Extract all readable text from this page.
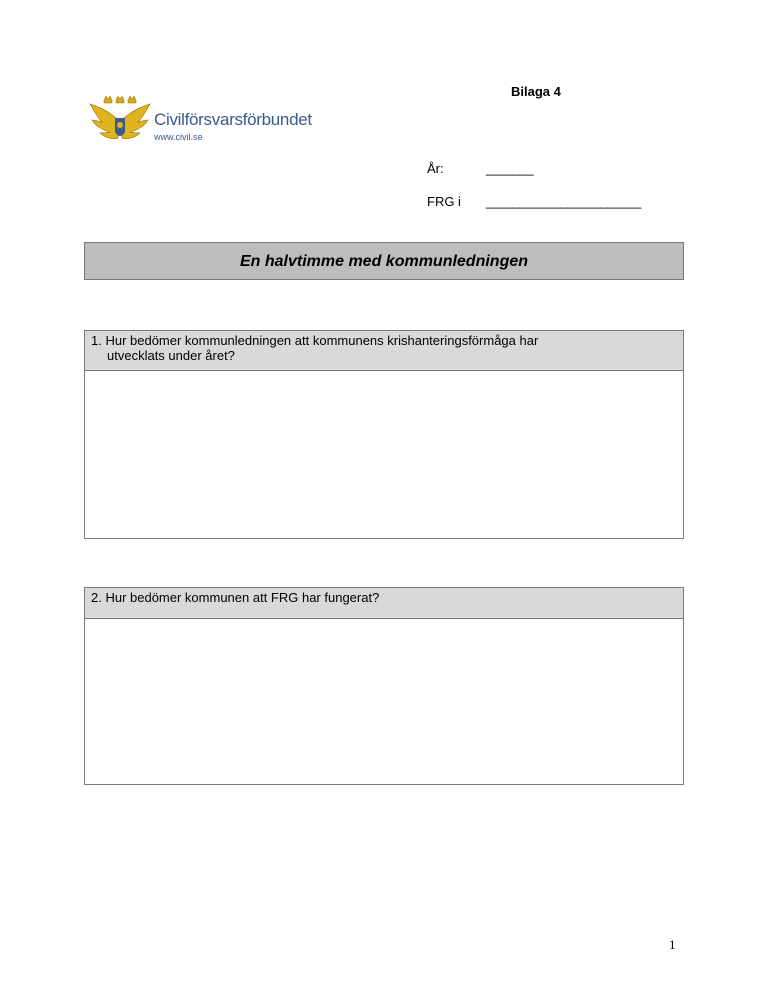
Bilaga 4
Civilförsvarsförbundet
www.civil.se
År:	_______
FRG i _______________________
En halvtimme med kommunledningen
1. Hur bedömer kommunledningen att kommunens krishanteringsförmåga har
utvecklats under året?
2. Hur bedömer kommunen att FRG har fungerat?
1
